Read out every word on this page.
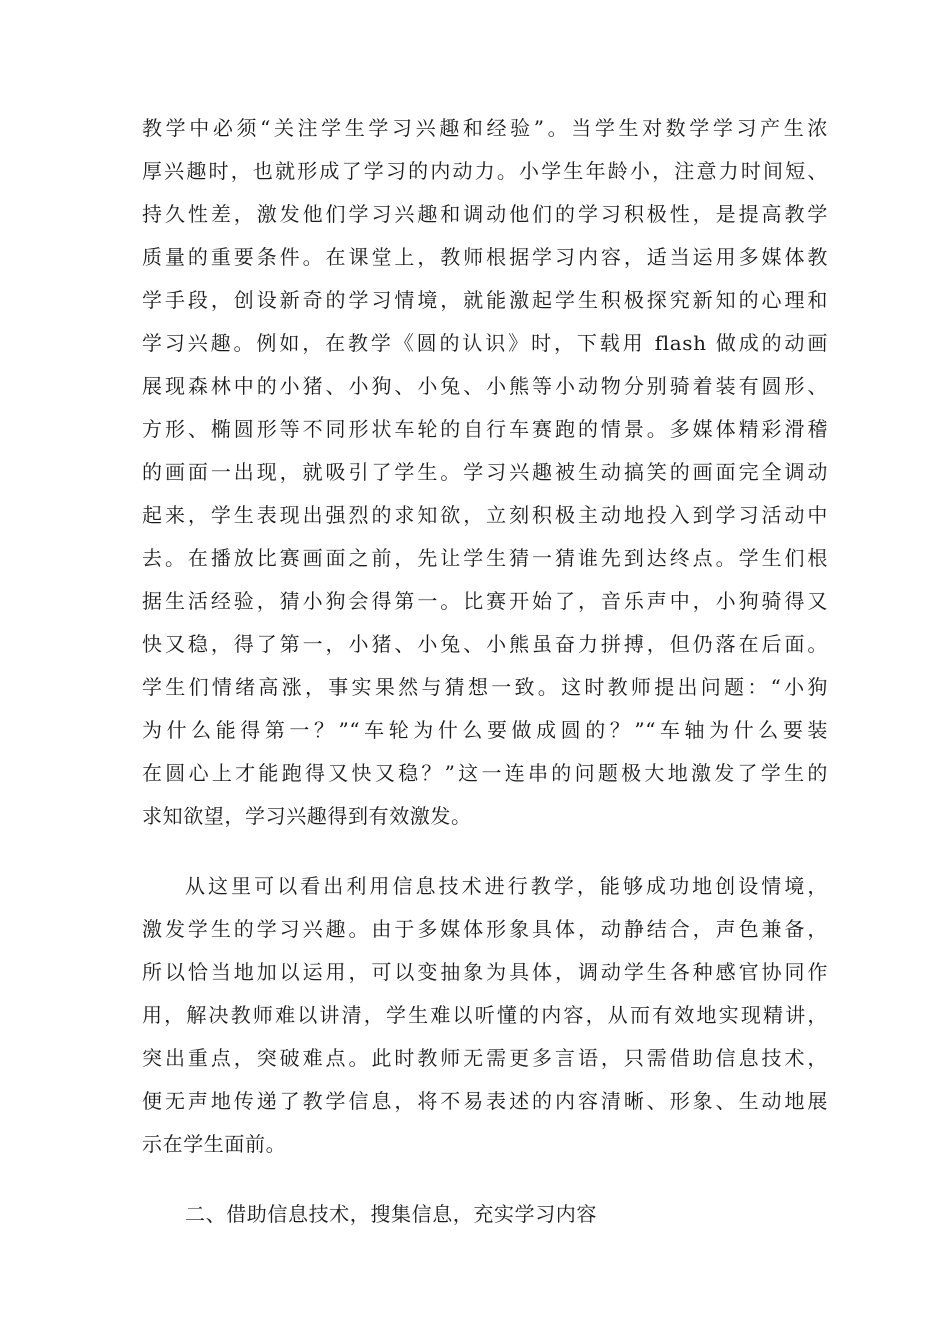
教学中必须“关注学生学习兴趣和经验”。当学生对数学学习产生浓
厚兴趣时，也就形成了学习的内动力。小学生年龄小，注意力时间短、
持久性差，激发他们学习兴趣和调动他们的学习积极性，是提高教学
质量的重要条件。在课堂上，教师根据学习内容，适当运用多媒体教
学手段，创设新奇的学习情境，就能激起学生积极探究新知的心理和
学习兴趣。例如，在教学《圆的认识》时，下载用 flash 做成的动画
展现森林中的小猪、小狗、小兔、小熊等小动物分别骑着装有圆形、
方形、椭圆形等不同形状车轮的自行车赛跑的情景。多媒体精彩滑稽
的画面一出现，就吸引了学生。学习兴趣被生动搞笑的画面完全调动
起来，学生表现出强烈的求知欲，立刻积极主动地投入到学习活动中
去。在播放比赛画面之前，先让学生猜一猜谁先到达终点。学生们根
据生活经验，猜小狗会得第一。比赛开始了，音乐声中，小狗骑得又
快又稳，得了第一，小猪、小兔、小熊虽奋力拼搏，但仍落在后面。
学生们情绪高涨，事实果然与猜想一致。这时教师提出问题：“小狗
为什么能得第一？”“车轮为什么要做成圆的？”“车轴为什么要装
在圆心上才能跑得又快又稳？”这一连串的问题极大地激发了学生的
求知欲望，学习兴趣得到有效激发。
从这里可以看出利用信息技术进行教学，能够成功地创设情境，
激发学生的学习兴趣。由于多媒体形象具体，动静结合，声色兼备，
所以恰当地加以运用，可以变抽象为具体，调动学生各种感官协同作
用，解决教师难以讲清，学生难以听懂的内容，从而有效地实现精讲，
突出重点，突破难点。此时教师无需更多言语，只需借助信息技术，
便无声地传递了教学信息，将不易表述的内容清晰、形象、生动地展
示在学生面前。
二、借助信息技术，搜集信息，充实学习内容
